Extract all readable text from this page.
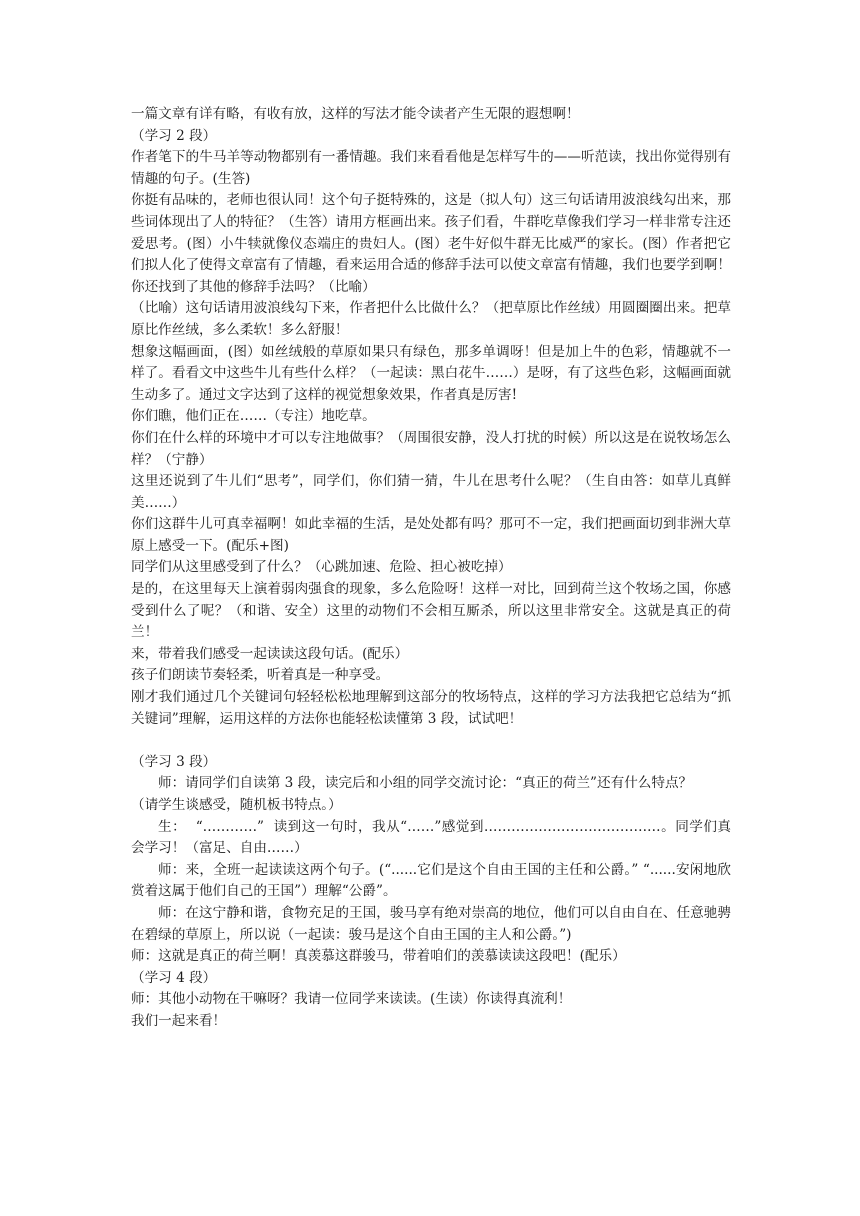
一篇文章有详有略，有收有放，这样的写法才能令读者产生无限的遐想啊！

（学习 2 段）

作者笔下的牛马羊等动物都别有一番情趣。我们来看看他是怎样写牛的——听范读，找出你觉得别有情趣的句子。(生答)

你挺有品味的，老师也很认同！这个句子挺特殊的，这是（拟人句）这三句话请用波浪线勾出来，那些词体现出了人的特征？（生答）请用方框画出来。孩子们看，牛群吃草像我们学习一样非常专注还爱思考。(图）小牛犊就像仪态端庄的贵妇人。(图）老牛好似牛群无比威严的家长。(图）作者把它们拟人化了使得文章富有了情趣，看来运用合适的修辞手法可以使文章富有情趣，我们也要学到啊！你还找到了其他的修辞手法吗？（比喻）

（比喻）这句话请用波浪线勾下来，作者把什么比做什么？（把草原比作丝绒）用圆圈圈出来。把草原比作丝绒，多么柔软！多么舒服！

想象这幅画面，(图）如丝绒般的草原如果只有绿色，那多单调呀！但是加上牛的色彩，情趣就不一样了。看看文中这些牛儿有些什么样？（一起读：黑白花牛……）是呀，有了这些色彩，这幅画面就生动多了。通过文字达到了这样的视觉想象效果，作者真是厉害!

你们瞧，他们正在……（专注）地吃草。

你们在什么样的环境中才可以专注地做事？（周围很安静，没人打扰的时候）所以这是在说牧场怎么样？（宁静）

这里还说到了牛儿们“思考”，同学们，你们猜一猜，牛儿在思考什么呢？（生自由答：如草儿真鲜美……）

你们这群牛儿可真幸福啊！如此幸福的生活，是处处都有吗？那可不一定，我们把画面切到非洲大草原上感受一下。(配乐+图)

同学们从这里感受到了什么？（心跳加速、危险、担心被吃掉）

是的，在这里每天上演着弱肉强食的现象，多么危险呀！这样一对比，回到荷兰这个牧场之国，你感受到什么了呢？（和谐、安全）这里的动物们不会相互厮杀，所以这里非常安全。这就是真正的荷兰！

来，带着我们感受一起读读这段句话。(配乐）

孩子们朗读节奏轻柔，听着真是一种享受。

刚才我们通过几个关键词句轻轻松松地理解到这部分的牧场特点，这样的学习方法我把它总结为“抓关键词”理解，运用这样的方法你也能轻松读懂第 3 段，试试吧！

（学习 3 段）

师：请同学们自读第 3 段，读完后和小组的同学交流讨论：“真正的荷兰”还有什么特点？

（请学生谈感受，随机板书特点。）

生：  “…………”  读到这一句时，我从“……”感觉到…………………………………。同学们真会学习！（富足、自由……）

师：来，全班一起读读这两个句子。(“......它们是这个自由王国的主任和公爵。” “......安闲地欣赏着这属于他们自己的王国”）理解“公爵”。

师：在这宁静和谐，食物充足的王国，骏马享有绝对崇高的地位，他们可以自由自在、任意驰骋在碧绿的草原上，所以说（一起读：骏马是这个自由王国的主人和公爵。”)

师：这就是真正的荷兰啊！真羡慕这群骏马，带着咱们的羡慕读读这段吧！(配乐）

（学习 4 段）

师：其他小动物在干嘛呀？我请一位同学来读读。(生读）你读得真流利！

我们一起来看！
